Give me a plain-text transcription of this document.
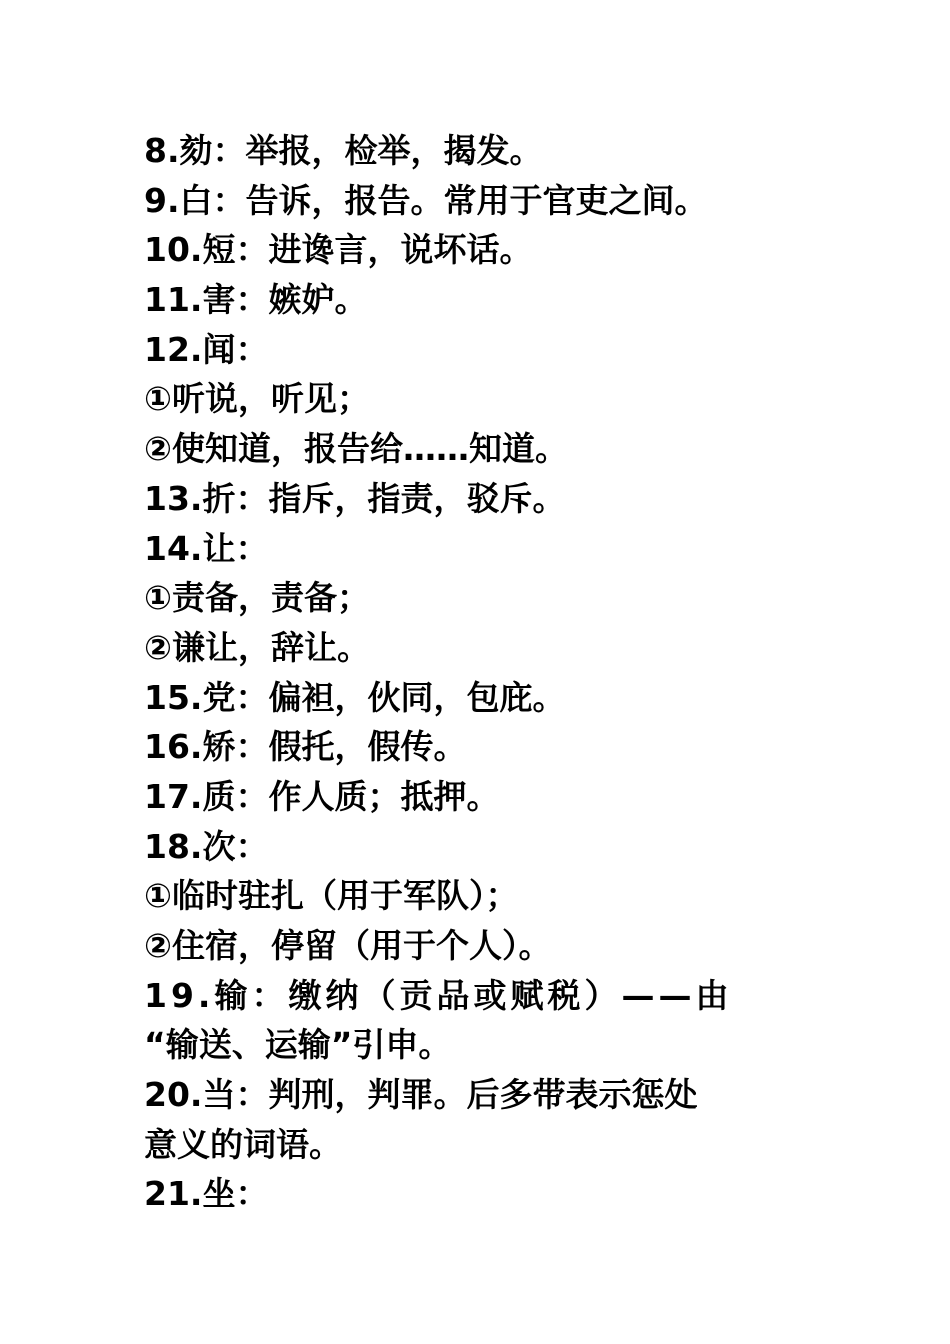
8.劾：举报，检举，揭发。
9.白：告诉，报告。常用于官吏之间。
10.短：进谗言，说坏话。
11.害：嫉妒。
12.闻：
①听说，听见；
②使知道，报告给……知道。
13.折：指斥，指责，驳斥。
14.让：
①责备，责备；
②谦让，辞让。
15.党：偏袒，伙同，包庇。
16.矫：假托，假传。
17.质：作人质；抵押。
18.次：
①临时驻扎（用于军队）；
②住宿，停留（用于个人）。
19.输：缴纳（贡品或赋税）——由
“输送、运输”引申。
20.当：判刑，判罪。后多带表示惩处
意义的词语。
21.坐：
